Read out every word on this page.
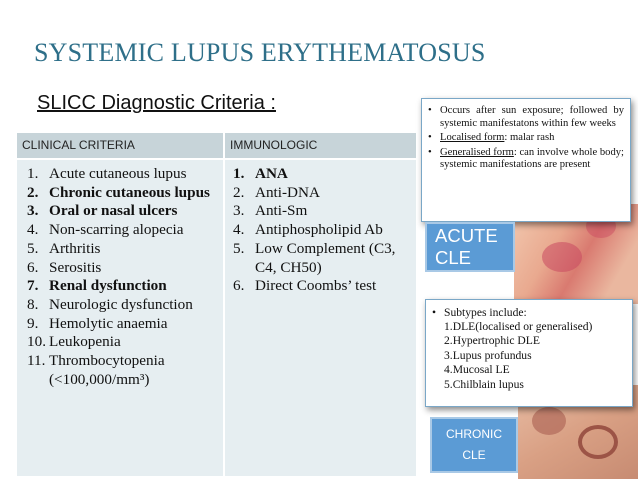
SYSTEMIC LUPUS ERYTHEMATOSUS
SLICC Diagnostic Criteria :
CLINICAL CRITERIA	IMMUNOLOGIC
1. Acute cutaneous lupus
2. Chronic cutaneous lupus
3. Oral or nasal ulcers
4. Non-scarring alopecia
5. Arthritis
6. Serositis
7. Renal dysfunction
8. Neurologic dysfunction
9. Hemolytic anaemia
10. Leukopenia
11. Thrombocytopenia (<100,000/mm³)
1. ANA
2. Anti-DNA
3. Anti-Sm
4. Antiphospholipid Ab
5. Low Complement (C3, C4, CH50)
6. Direct Coombs’ test
• Occurs after sun exposure; followed by systemic manifestatons within few weeks
• Localised form: malar rash
• Generalised form: can involve whole body; systemic manifestations are present
ACUTE
CLE
• Subtypes include:
1.DLE(localised or generalised)
2.Hypertrophic DLE
3.Lupus profundus
4.Mucosal LE
5.Chilblain lupus
CHRONIC
CLE
